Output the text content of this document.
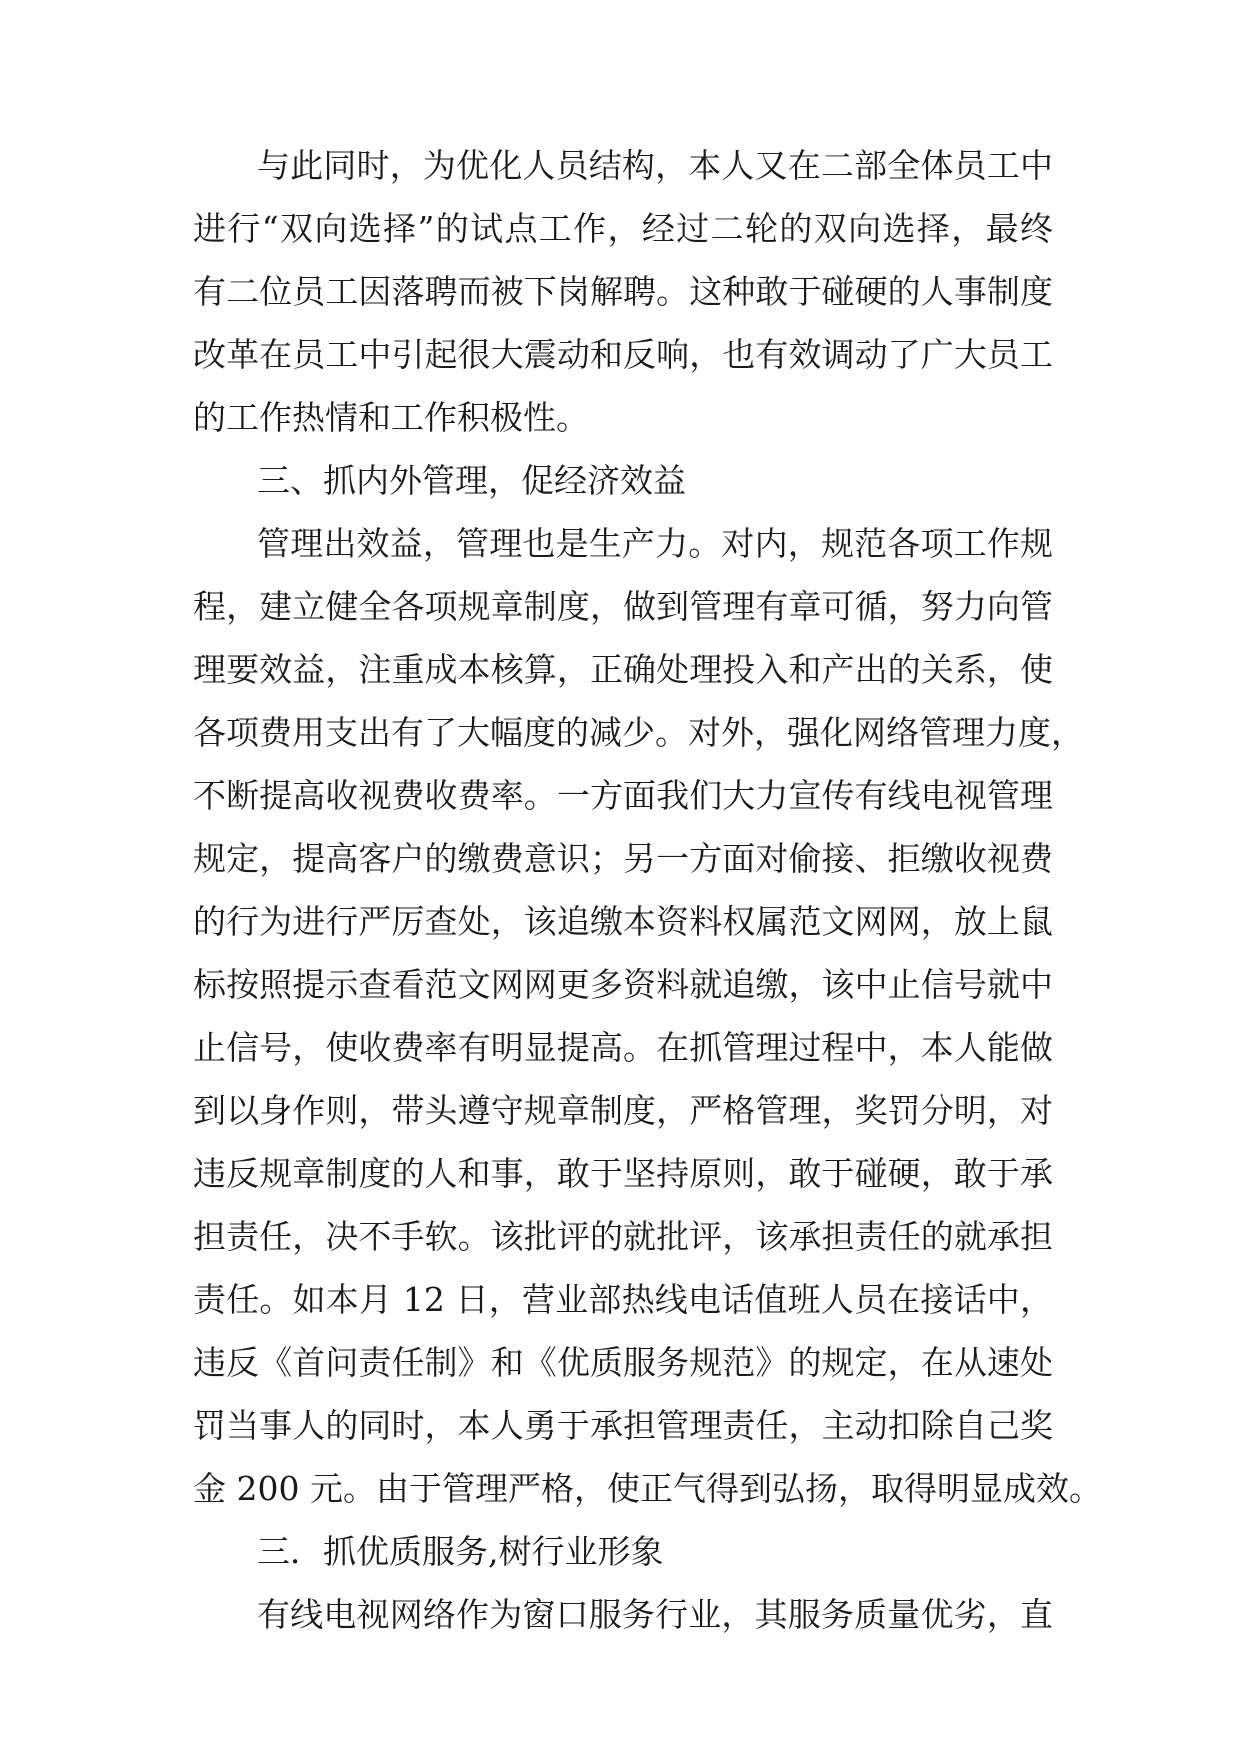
与此同时，为优化人员结构，本人又在二部全体员工中
进行“双向选择”的试点工作，经过二轮的双向选择，最终
有二位员工因落聘而被下岗解聘。这种敢于碰硬的人事制度
改革在员工中引起很大震动和反响，也有效调动了广大员工
的工作热情和工作积极性。
三、抓内外管理，促经济效益
管理出效益，管理也是生产力。对内，规范各项工作规
程，建立健全各项规章制度，做到管理有章可循，努力向管
理要效益，注重成本核算，正确处理投入和产出的关系，使
各项费用支出有了大幅度的减少。对外，强化网络管理力度，
不断提高收视费收费率。一方面我们大力宣传有线电视管理
规定，提高客户的缴费意识；另一方面对偷接、拒缴收视费
的行为进行严厉查处，该追缴本资料权属范文网网，放上鼠
标按照提示查看范文网网更多资料就追缴，该中止信号就中
止信号，使收费率有明显提高。在抓管理过程中，本人能做
到以身作则，带头遵守规章制度，严格管理，奖罚分明，对
违反规章制度的人和事，敢于坚持原则，敢于碰硬，敢于承
担责任，决不手软。该批评的就批评，该承担责任的就承担
责任。如本月 12 日，营业部热线电话值班人员在接话中，
违反《首问责任制》和《优质服务规范》的规定，在从速处
罚当事人的同时，本人勇于承担管理责任，主动扣除自己奖
金 200 元。由于管理严格，使正气得到弘扬，取得明显成效。
三．抓优质服务,树行业形象
有线电视网络作为窗口服务行业，其服务质量优劣，直
